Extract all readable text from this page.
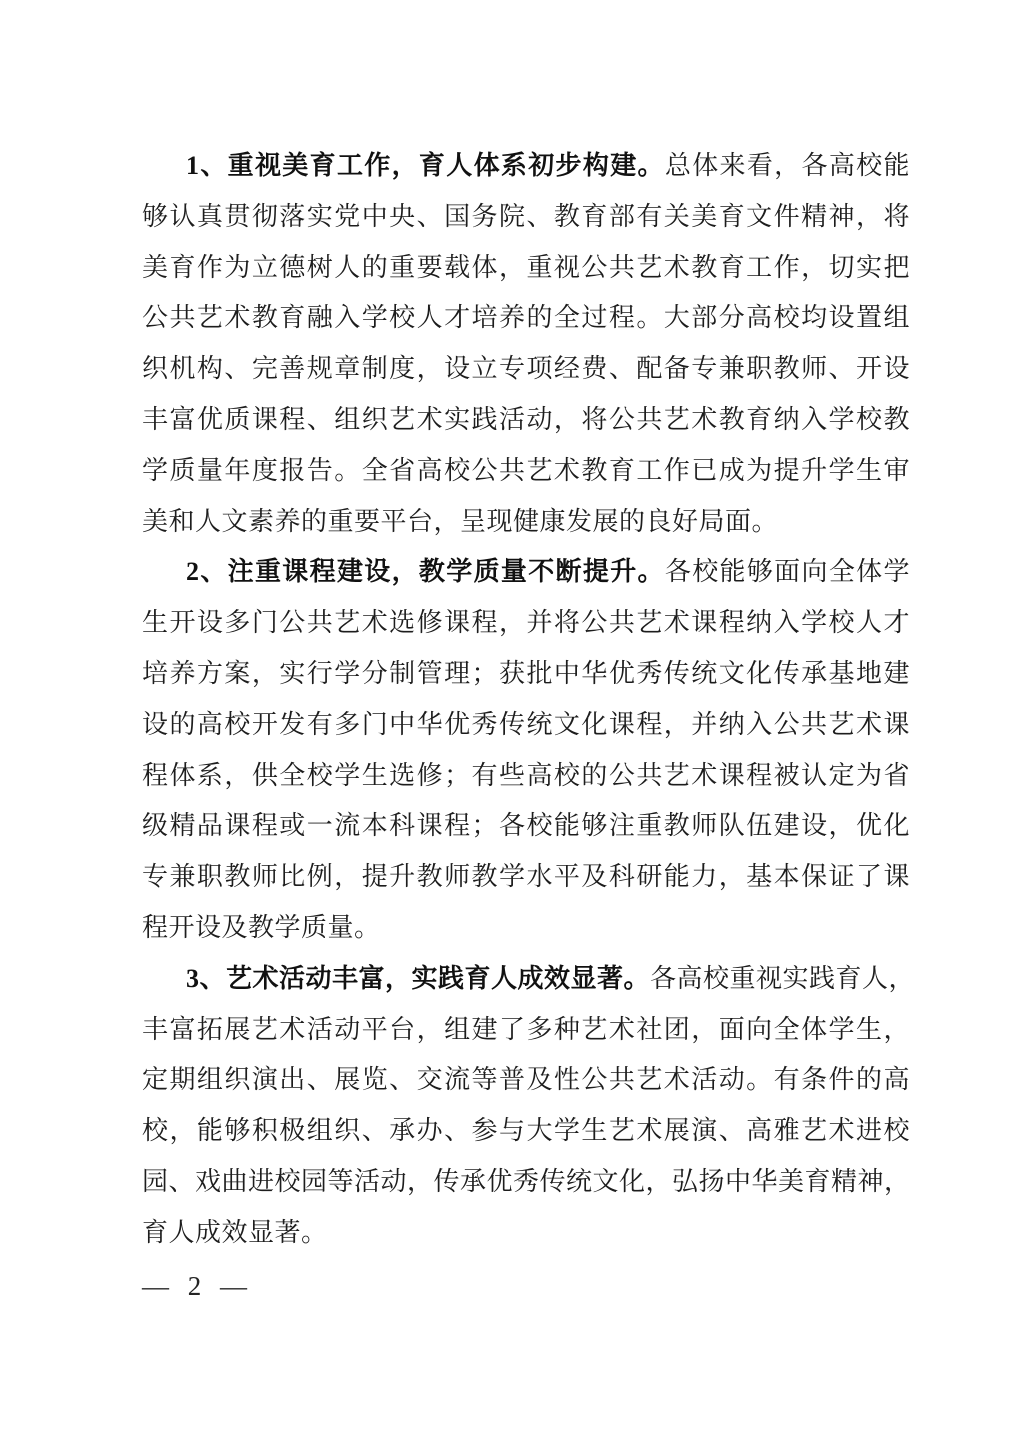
1、重视美育工作，育人体系初步构建。总体来看，各高校能
够认真贯彻落实党中央、国务院、教育部有关美育文件精神，将
美育作为立德树人的重要载体，重视公共艺术教育工作，切实把
公共艺术教育融入学校人才培养的全过程。大部分高校均设置组
织机构、完善规章制度，设立专项经费、配备专兼职教师、开设
丰富优质课程、组织艺术实践活动，将公共艺术教育纳入学校教
学质量年度报告。全省高校公共艺术教育工作已成为提升学生审
美和人文素养的重要平台，呈现健康发展的良好局面。
2、注重课程建设，教学质量不断提升。各校能够面向全体学
生开设多门公共艺术选修课程，并将公共艺术课程纳入学校人才
培养方案，实行学分制管理；获批中华优秀传统文化传承基地建
设的高校开发有多门中华优秀传统文化课程，并纳入公共艺术课
程体系，供全校学生选修；有些高校的公共艺术课程被认定为省
级精品课程或一流本科课程；各校能够注重教师队伍建设，优化
专兼职教师比例，提升教师教学水平及科研能力，基本保证了课
程开设及教学质量。
3、艺术活动丰富，实践育人成效显著。各高校重视实践育人，
丰富拓展艺术活动平台，组建了多种艺术社团，面向全体学生，
定期组织演出、展览、交流等普及性公共艺术活动。有条件的高
校，能够积极组织、承办、参与大学生艺术展演、高雅艺术进校
园、戏曲进校园等活动，传承优秀传统文化，弘扬中华美育精神，
育人成效显著。
— 2 —
